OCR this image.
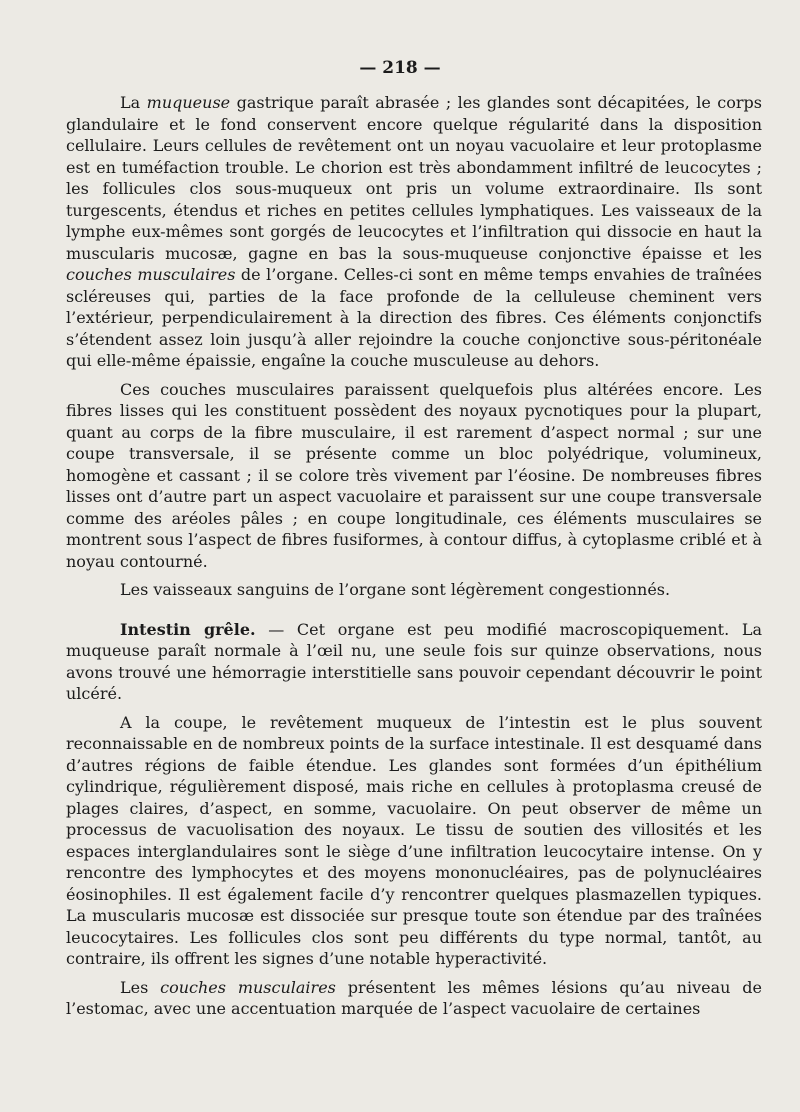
— 218 —

La muqueuse gastrique paraît abrasée ; les glandes sont décapitées, le corps glandulaire et le fond conservent encore quelque régularité dans la disposition cellulaire. Leurs cellules de revêtement ont un noyau vacuolaire et leur protoplasme est en tuméfaction trouble. Le chorion est très abondamment infiltré de leucocytes ; les follicules clos sous-muqueux ont pris un volume extraordinaire. Ils sont turgescents, étendus et riches en petites cellules lymphatiques. Les vaisseaux de la lymphe eux-mêmes sont gorgés de leucocytes et l’infiltration qui dissocie en haut la muscularis mucosæ, gagne en bas la sous-muqueuse conjonctive épaisse et les couches musculaires de l’organe. Celles-ci sont en même temps envahies de traînées scléreuses qui, parties de la face profonde de la celluleuse cheminent vers l’extérieur, perpendiculairement à la direction des fibres. Ces éléments conjonctifs s’étendent assez loin jusqu’à aller rejoindre la couche conjonctive sous-péritonéale qui elle-même épaissie, engaîne la couche musculeuse au dehors.

Ces couches musculaires paraissent quelquefois plus altérées encore. Les fibres lisses qui les constituent possèdent des noyaux pycnotiques pour la plupart, quant au corps de la fibre musculaire, il est rarement d’aspect normal ; sur une coupe transversale, il se présente comme un bloc polyédrique, volumineux, homogène et cassant ; il se colore très vivement par l’éosine. De nombreuses fibres lisses ont d’autre part un aspect vacuolaire et paraissent sur une coupe transversale comme des aréoles pâles ; en coupe longitudinale, ces éléments musculaires se montrent sous l’aspect de fibres fusiformes, à contour diffus, à cytoplasme criblé et à noyau contourné.

Les vaisseaux sanguins de l’organe sont légèrement congestionnés.

Intestin grêle. — Cet organe est peu modifié macroscopiquement. La muqueuse paraît normale à l’œil nu, une seule fois sur quinze observations, nous avons trouvé une hémorragie interstitielle sans pouvoir cependant découvrir le point ulcéré.

A la coupe, le revêtement muqueux de l’intestin est le plus souvent reconnaissable en de nombreux points de la surface intestinale. Il est desquamé dans d’autres régions de faible étendue. Les glandes sont formées d’un épithélium cylindrique, régulièrement disposé, mais riche en cellules à protoplasma creusé de plages claires, d’aspect, en somme, vacuolaire. On peut observer de même un processus de vacuolisation des noyaux. Le tissu de soutien des villosités et les espaces interglandulaires sont le siège d’une infiltration leucocytaire intense. On y rencontre des lymphocytes et des moyens mononucléaires, pas de polynucléaires éosinophiles. Il est également facile d’y rencontrer quelques plasmazellen typiques. La muscularis mucosæ est dissociée sur presque toute son étendue par des traînées leucocytaires. Les follicules clos sont peu différents du type normal, tantôt, au contraire, ils offrent les signes d’une notable hyperactivité.

Les couches musculaires présentent les mêmes lésions qu’au niveau de l’estomac, avec une accentuation marquée de l’aspect vacuolaire de certaines
